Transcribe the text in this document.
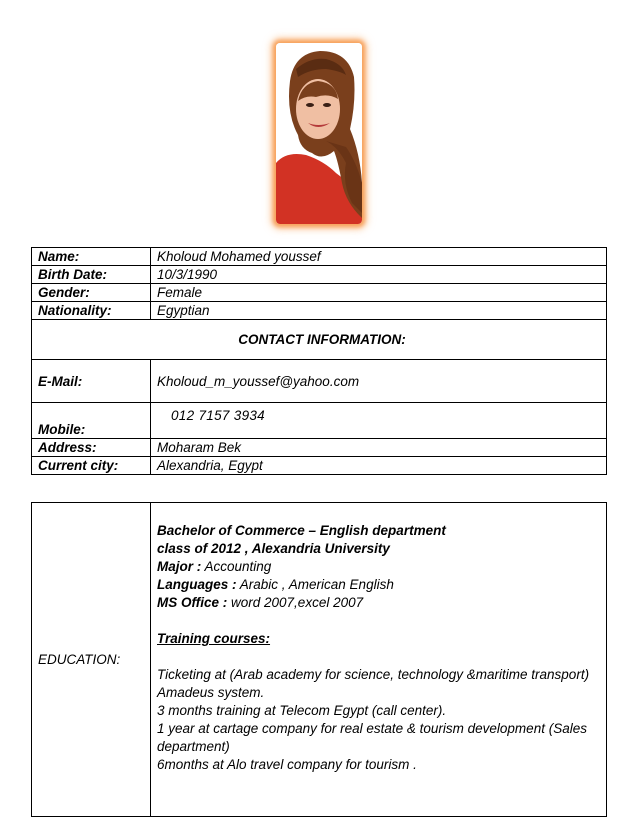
Name:	Kholoud Mohamed youssef
Birth Date:	10/3/1990
Gender:	Female
Nationality:	Egyptian
CONTACT INFORMATION:	
E-Mail:	Kholoud_m_youssef@yahoo.com
Mobile:	012 7157 3934
Address:	Moharam Bek
Current city:	Alexandria, Egypt
EDUCATION:	

Bachelor of Commerce – English department

class of 2012 , Alexandria University

Major : Accounting

Languages : Arabic , American English

MS Office : word 2007,excel 2007

Training courses:

Ticketing at (Arab academy for science, technology &maritime transport)

Amadeus system.

3 months training at Telecom Egypt (call center).

1 year at cartage company for real estate & tourism development (Sales

department)

6months at Alo travel company for tourism .
